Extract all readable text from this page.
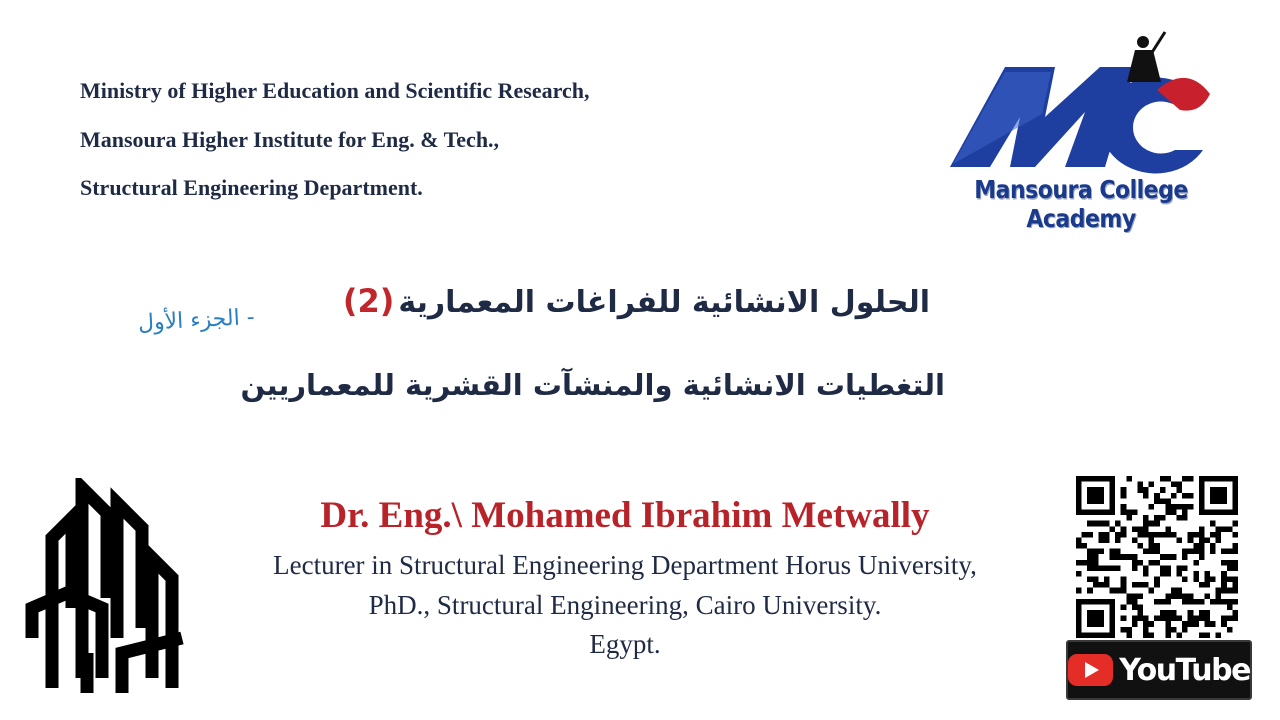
Ministry of Higher Education and Scientific Research,
Mansoura Higher Institute for Eng. & Tech.,
Structural Engineering Department.	Mansoura College Academy
الحلول الانشائية للفراغات المعمارية (2)
- الجزء الأول
التغطيات الانشائية والمنشآت القشرية للمعماريين
Dr. Eng.\ Mohamed Ibrahim Metwally
Lecturer in Structural Engineering Department Horus University,
PhD., Structural Engineering, Cairo University.
Egypt.
YouTube
